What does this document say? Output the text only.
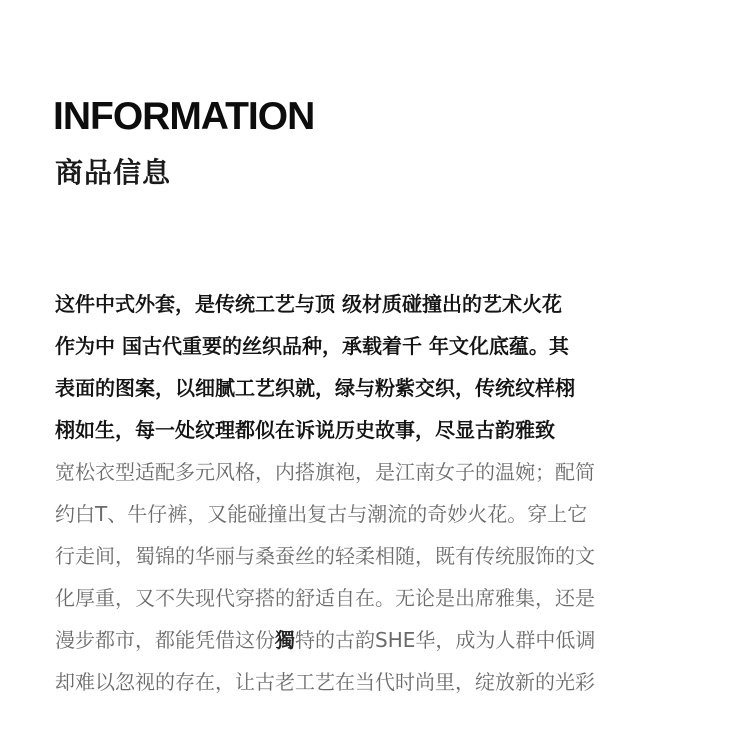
INFORMATION
商品信息
这件中式外套，是传统工艺与顶 级材质碰撞出的艺术火花
作为中 国古代重要的丝织品种，承载着千 年文化底蕴。其
表面的图案，以细腻工艺织就，绿与粉紫交织，传统纹样栩
栩如生，每一处纹理都似在诉说历史故事，尽显古韵雅致
宽松衣型适配多元风格，内搭旗袍，是江南女子的温婉；配简
约白T、牛仔裤，又能碰撞出复古与潮流的奇妙火花。穿上它
行走间，蜀锦的华丽与桑蚕丝的轻柔相随，既有传统服饰的文
化厚重，又不失现代穿搭的舒适自在。无论是出席雅集，还是
漫步都市，都能凭借这份獨特的古韵SHE华，成为人群中低调
却难以忽视的存在，让古老工艺在当代时尚里，绽放新的光彩
